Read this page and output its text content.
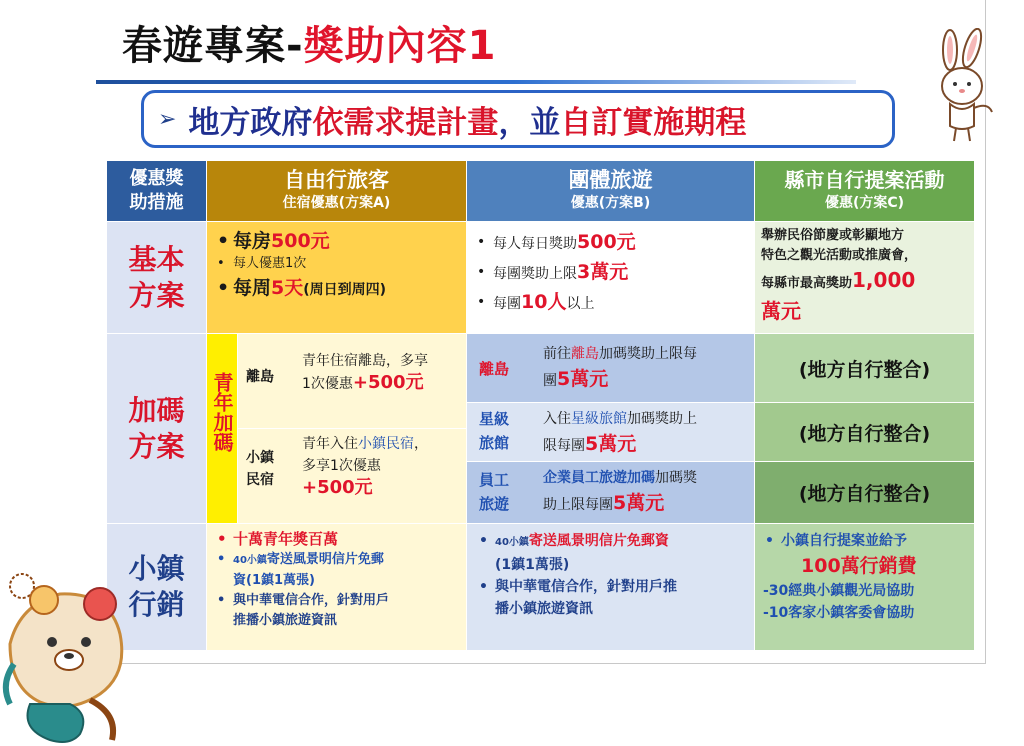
春遊專案-獎助內容1
➢ 地方政府 依需求提計畫 ，並 自訂實施期程
優惠獎
助措施
自由行旅客
住宿優惠(方案A)
團體旅遊
優惠(方案B)
縣市自行提案活動
優惠(方案C)
基本
方案
• 每房500元
• 每人優惠1次
• 每周5天(周日到周四)
• 每人每日獎助500元
• 每團獎助上限3萬元
• 每團10人以上
舉辦民俗節慶或彰顯地方
特色之觀光活動或推廣會，
每縣市最高獎助1,000
萬元
加碼
方案 青年加碼 離島
青年住宿離島，多享
1次優惠+500元
小鎮
民宿
青年入住小鎮民宿，
多享1次優惠
+500元
離島
前往離島加碼獎助上限每
團5萬元
星級
旅館
入住星級旅館加碼獎助上
限每團5萬元
員工
旅遊
企業員工旅遊加碼加碼獎
助上限每團5萬元
(地方自行整合)
(地方自行整合)
(地方自行整合)
小鎮
行銷
• 十萬青年獎百萬
• 40小鎮寄送風景明信片免郵
資(1鎮1萬張)
• 與中華電信合作，針對用戶
推播小鎮旅遊資訊
• 40小鎮寄送風景明信片免郵資
(1鎮1萬張)
• 與中華電信合作，針對用戶推
播小鎮旅遊資訊
• 小鎮自行提案並給予
100萬行銷費
-30經典小鎮觀光局協助
-10客家小鎮客委會協助
